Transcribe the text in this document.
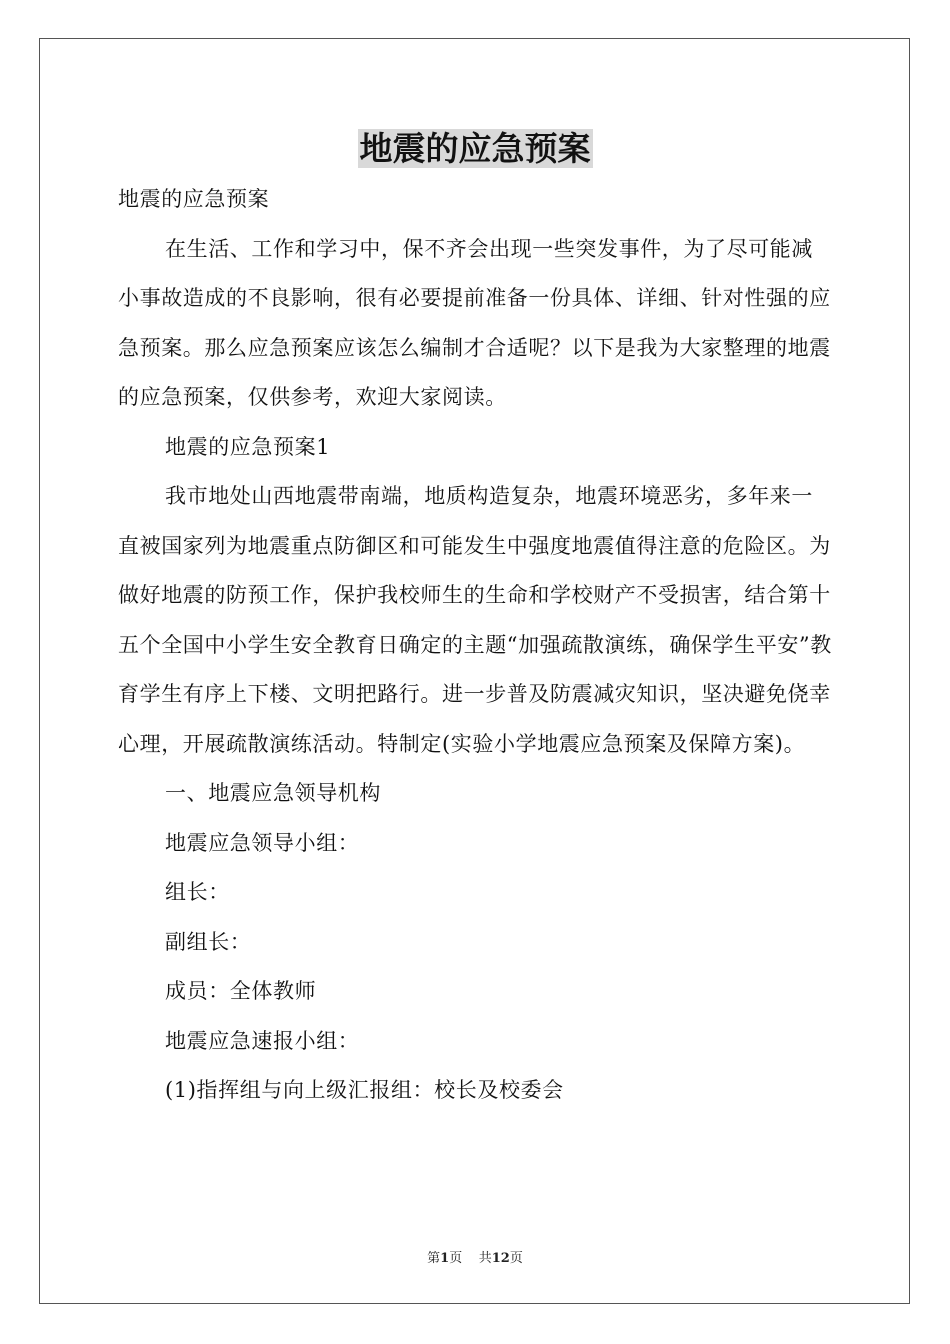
地震的应急预案

地震的应急预案

在生活、工作和学习中，保不齐会出现一些突发事件，为了尽可能减小事故造成的不良影响，很有必要提前准备一份具体、详细、针对性强的应急预案。那么应急预案应该怎么编制才合适呢？以下是我为大家整理的地震的应急预案，仅供参考，欢迎大家阅读。

地震的应急预案1

我市地处山西地震带南端，地质构造复杂，地震环境恶劣，多年来一直被国家列为地震重点防御区和可能发生中强度地震值得注意的危险区。为做好地震的防预工作，保护我校师生的生命和学校财产不受损害，结合第十五个全国中小学生安全教育日确定的主题“加强疏散演练，确保学生平安”教育学生有序上下楼、文明把路行。进一步普及防震减灾知识，坚决避免侥幸心理，开展疏散演练活动。特制定(实验小学地震应急预案及保障方案)。

一、地震应急领导机构

地震应急领导小组：

组长：

副组长：

成员：全体教师

地震应急速报小组：

(1)指挥组与向上级汇报组：校长及校委会

第1页 共12页
